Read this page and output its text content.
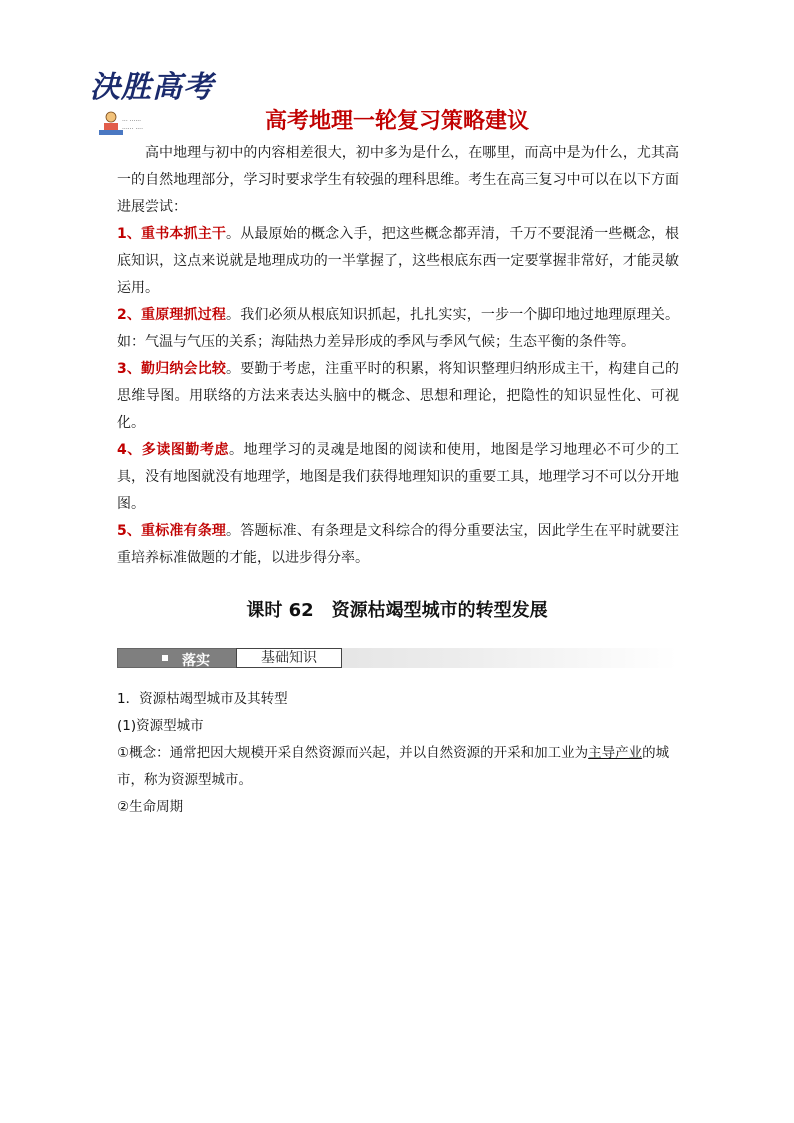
決胜高考
··· ······
······ ····	高考地理一轮复习策略建议

高中地理与初中的内容相差很大，初中多为是什么，在哪里，而高中是为什么，尤其高一的自然地理部分，学习时要求学生有较强的理科思维。考生在高三复习中可以在以下方面进展尝试：

1、重书本抓主干。从最原始的概念入手，把这些概念都弄清，千万不要混淆一些概念，根底知识，这点来说就是地理成功的一半掌握了，这些根底东西一定要掌握非常好，才能灵敏运用。

2、重原理抓过程。我们必须从根底知识抓起，扎扎实实，一步一个脚印地过地理原理关。如：气温与气压的关系；海陆热力差异形成的季风与季风气候；生态平衡的条件等。

3、勤归纳会比较。要勤于考虑，注重平时的积累，将知识整理归纳形成主干，构建自己的思维导图。用联络的方法来表达头脑中的概念、思想和理论，把隐性的知识显性化、可视化。

4、多读图勤考虑。地理学习的灵魂是地图的阅读和使用，地图是学习地理必不可少的工具，没有地图就没有地理学，地图是我们获得地理知识的重要工具，地理学习不可以分开地图。

5、重标准有条理。答题标准、有条理是文科综合的得分重要法宝，因此学生在平时就要注重培养标准做题的才能，以进步得分率。

课时 62　资源枯竭型城市的转型发展
落实	基础知识

1．资源枯竭型城市及其转型

(1)资源型城市

①概念：通常把因大规模开采自然资源而兴起，并以自然资源的开采和加工业为主导产业的城市，称为资源型城市。

②生命周期
